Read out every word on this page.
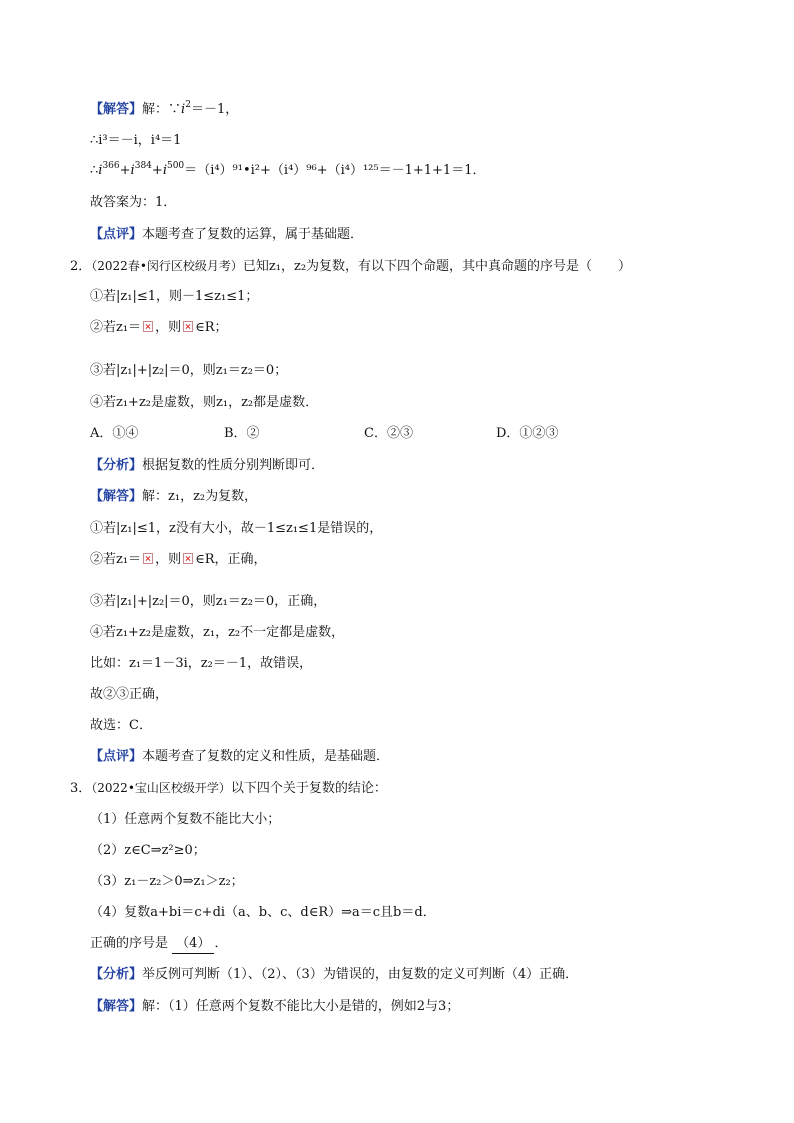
【解答】解：$\because i^2=-1$，
∴i³＝－i，i⁴＝1
$\therefore i^{366}+i^{384}+i^{500}=(i^4)^{91}•i^2+(i^4)^{96}+(i^4)^{125}=-1+1+1=1$．
故答案为：1．
【点评】本题考查了复数的运算，属于基础题．
2．（2022春•闵行区校级月考）已知z₁，z₂为复数，有以下四个命题，其中真命题的序号是（　　）
①若|z₁|≤1，则－1≤z₁≤1；
②若z₁＝ ，则 ∈R；
③若|z₁|+|z₂|＝0，则z₁＝z₂＝0；
④若z₁+z₂是虚数，则z₁，z₂都是虚数．
A．①④	B．②	C．②③	D．①②③
【分析】根据复数的性质分别判断即可．
【解答】解：z₁，z₂为复数，
①若|z₁|≤1，z没有大小，故－1≤z₁≤1是错误的，
②若z₁＝ ，则 ∈R，正确，
③若|z₁|+|z₂|＝0，则z₁＝z₂＝0，正确，
④若z₁+z₂是虚数，z₁，z₂不一定都是虚数，
比如：z₁＝1－3i，z₂＝－1，故错误，
故②③正确，
故选：C．
【点评】本题考查了复数的定义和性质，是基础题．
3．（2022•宝山区校级开学）以下四个关于复数的结论：
（1）任意两个复数不能比大小；
（2）z∈C⇒z²≥0；
（3）z₁－z₂＞0⇒z₁＞z₂；
（4）复数a+bi＝c+di（a、b、c、d∈R）⇒a＝c且b＝d．
正确的序号是 （4） ．
【分析】举反例可判断（1）、（2）、（3）为错误的，由复数的定义可判断（4）正确．
【解答】解：（1）任意两个复数不能比大小是错的，例如2与3；
